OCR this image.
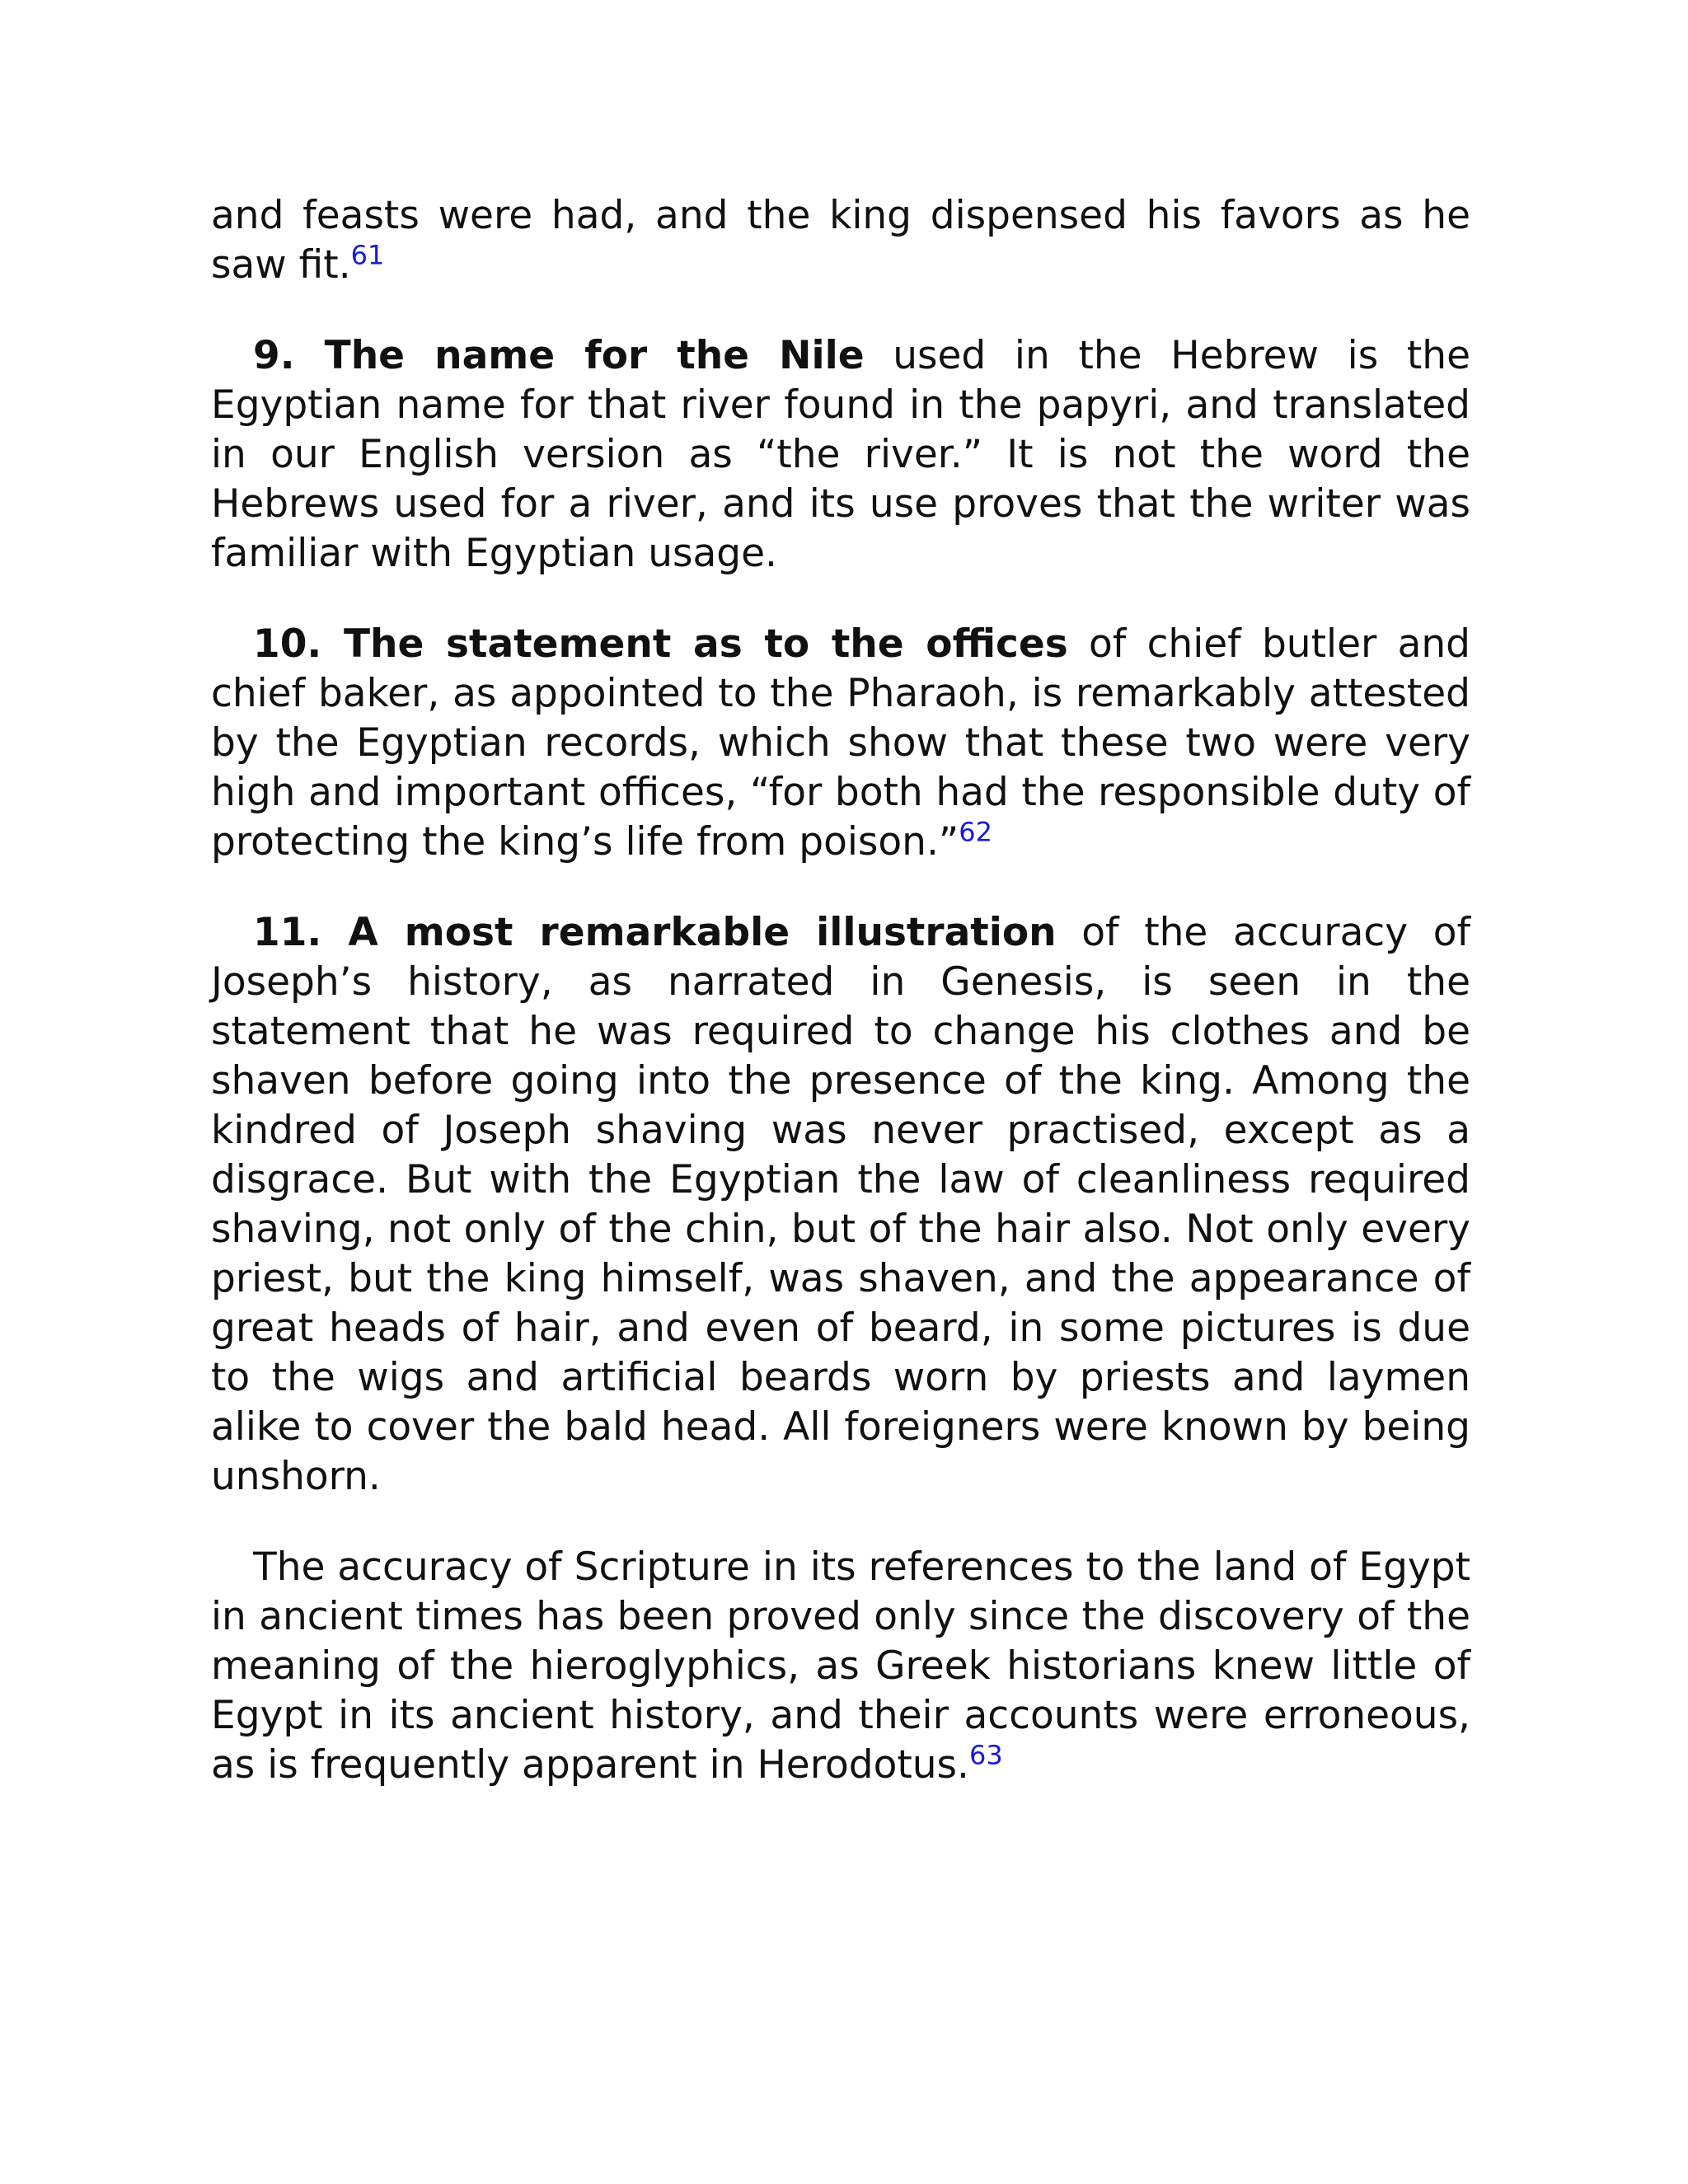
and feasts were had, and the king dispensed his favors as he saw fit.$^{61}$

9. The name for the Nile used in the Hebrew is the Egyptian name for that river found in the papyri, and translated in our English version as “the river.” It is not the word the Hebrews used for a river, and its use proves that the writer was familiar with Egyptian usage.

10. The statement as to the offices of chief butler and chief baker, as appointed to the Pharaoh, is remarkably attested by the Egyptian records, which show that these two were very high and important offices, “for both had the responsible duty of protecting the king’s life from poison.”$^{62}$

11. A most remarkable illustration of the accuracy of Joseph’s history, as narrated in Genesis, is seen in the statement that he was required to change his clothes and be shaven before going into the presence of the king. Among the kindred of Joseph shaving was never practised, except as a disgrace. But with the Egyptian the law of cleanliness required shaving, not only of the chin, but of the hair also. Not only every priest, but the king himself, was shaven, and the appearance of great heads of hair, and even of beard, in some pictures is due to the wigs and artificial beards worn by priests and laymen alike to cover the bald head. All foreigners were known by being unshorn.

The accuracy of Scripture in its references to the land of Egypt in ancient times has been proved only since the discovery of the meaning of the hieroglyphics, as Greek historians knew little of Egypt in its ancient history, and their accounts were erroneous, as is frequently apparent in Herodotus.$^{63}$
